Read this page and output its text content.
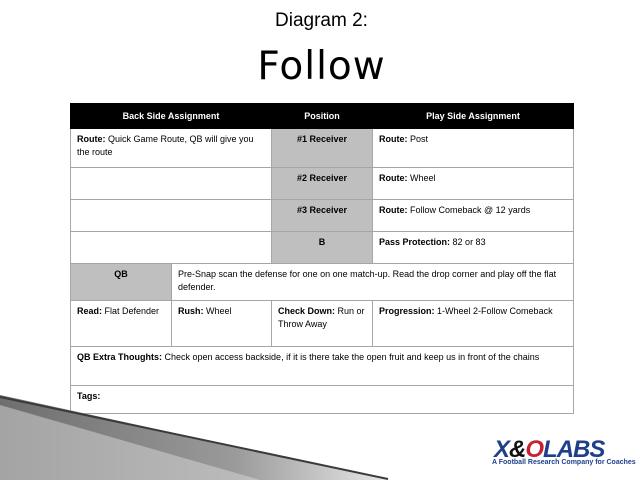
Diagram 2:
Follow
Back Side Assignment		Position	Play Side Assignment
Route: Quick Game Route, QB will give you the route		#1 Receiver	Route: Post
		#2 Receiver	Route: Wheel
		#3 Receiver	Route: Follow Comeback @ 12 yards
		B	Pass Protection: 82 or 83
QB	Pre-Snap scan the defense for one on one match-up. Read the drop corner and play off the flat defender.		
Read: Flat Defender	Rush: Wheel	Check Down: Run or Throw Away	Progression: 1-Wheel 2-Follow Comeback
QB Extra Thoughts: Check open access backside, if it is there take the open fruit and keep us in front of the chains			
Tags:			
X&OLABS
A Football Research Company for Coaches
